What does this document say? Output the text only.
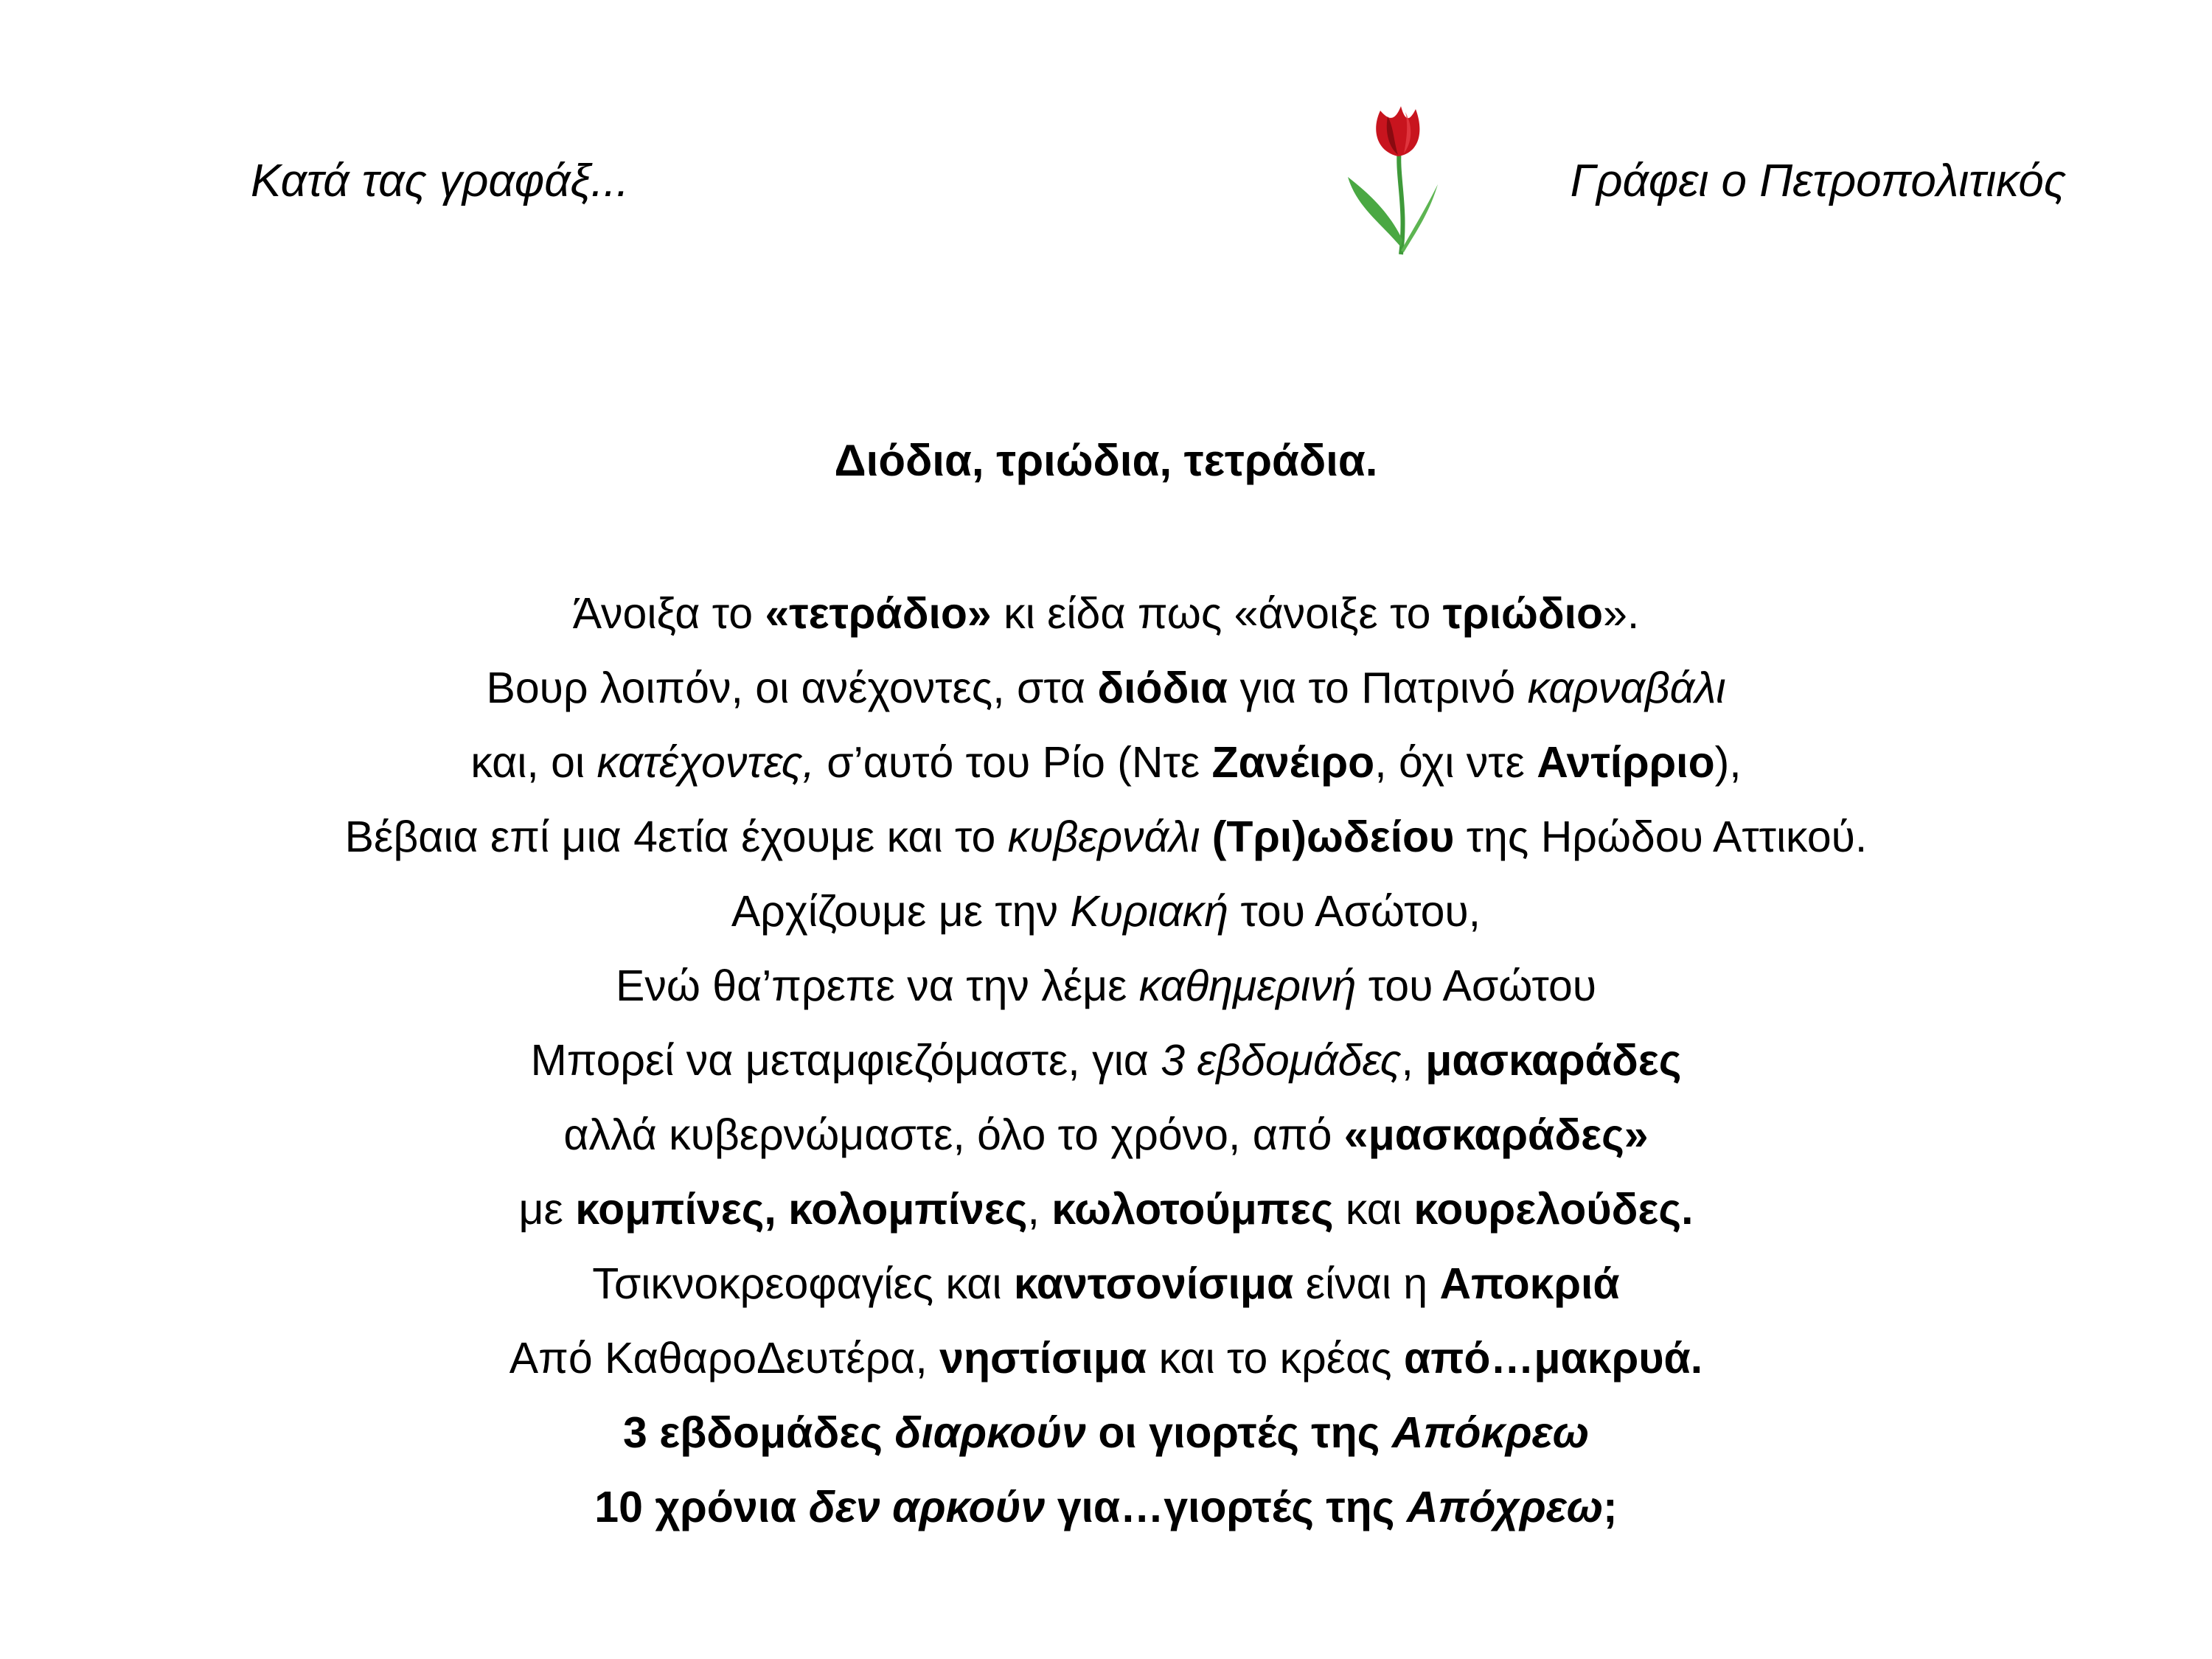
Κατά τας γραφάξ...	Γράφει ο Πετροπολιτικός
Διόδια, τριώδια, τετράδια.
Άνοιξα το «τετράδιο» κι είδα πως «άνοιξε το τριώδιο».
Βουρ λοιπόν, οι ανέχοντες, στα διόδια για το Πατρινό καρναβάλι
και, οι κατέχοντες, σ’αυτό του Ρίο (Ντε Ζανέιρο, όχι ντε Αντίρριο),
Βέβαια επί μια 4ετία έχουμε και το κυβερνάλι (Τρι)ωδείου της Ηρώδου Αττικού.
Αρχίζουμε με την Κυριακή του Ασώτου,
Ενώ θα’πρεπε να την λέμε καθημερινή του Ασώτου
Μπορεί να μεταμφιεζόμαστε, για 3 εβδομάδες, μασκαράδες
αλλά κυβερνώμαστε, όλο το χρόνο, από «μασκαράδες»
με κομπίνες, κολομπίνες, κωλοτούμπες και κουρελούδες.
Τσικνοκρεοφαγίες και καντσονίσιμα είναι η Αποκριά
Από ΚαθαροΔευτέρα, νηστίσιμα και το κρέας από…μακρυά.
3 εβδομάδες διαρκούν οι γιορτές της Απόκρεω
10 χρόνια δεν αρκούν για…γιορτές της Απόχρεω;
